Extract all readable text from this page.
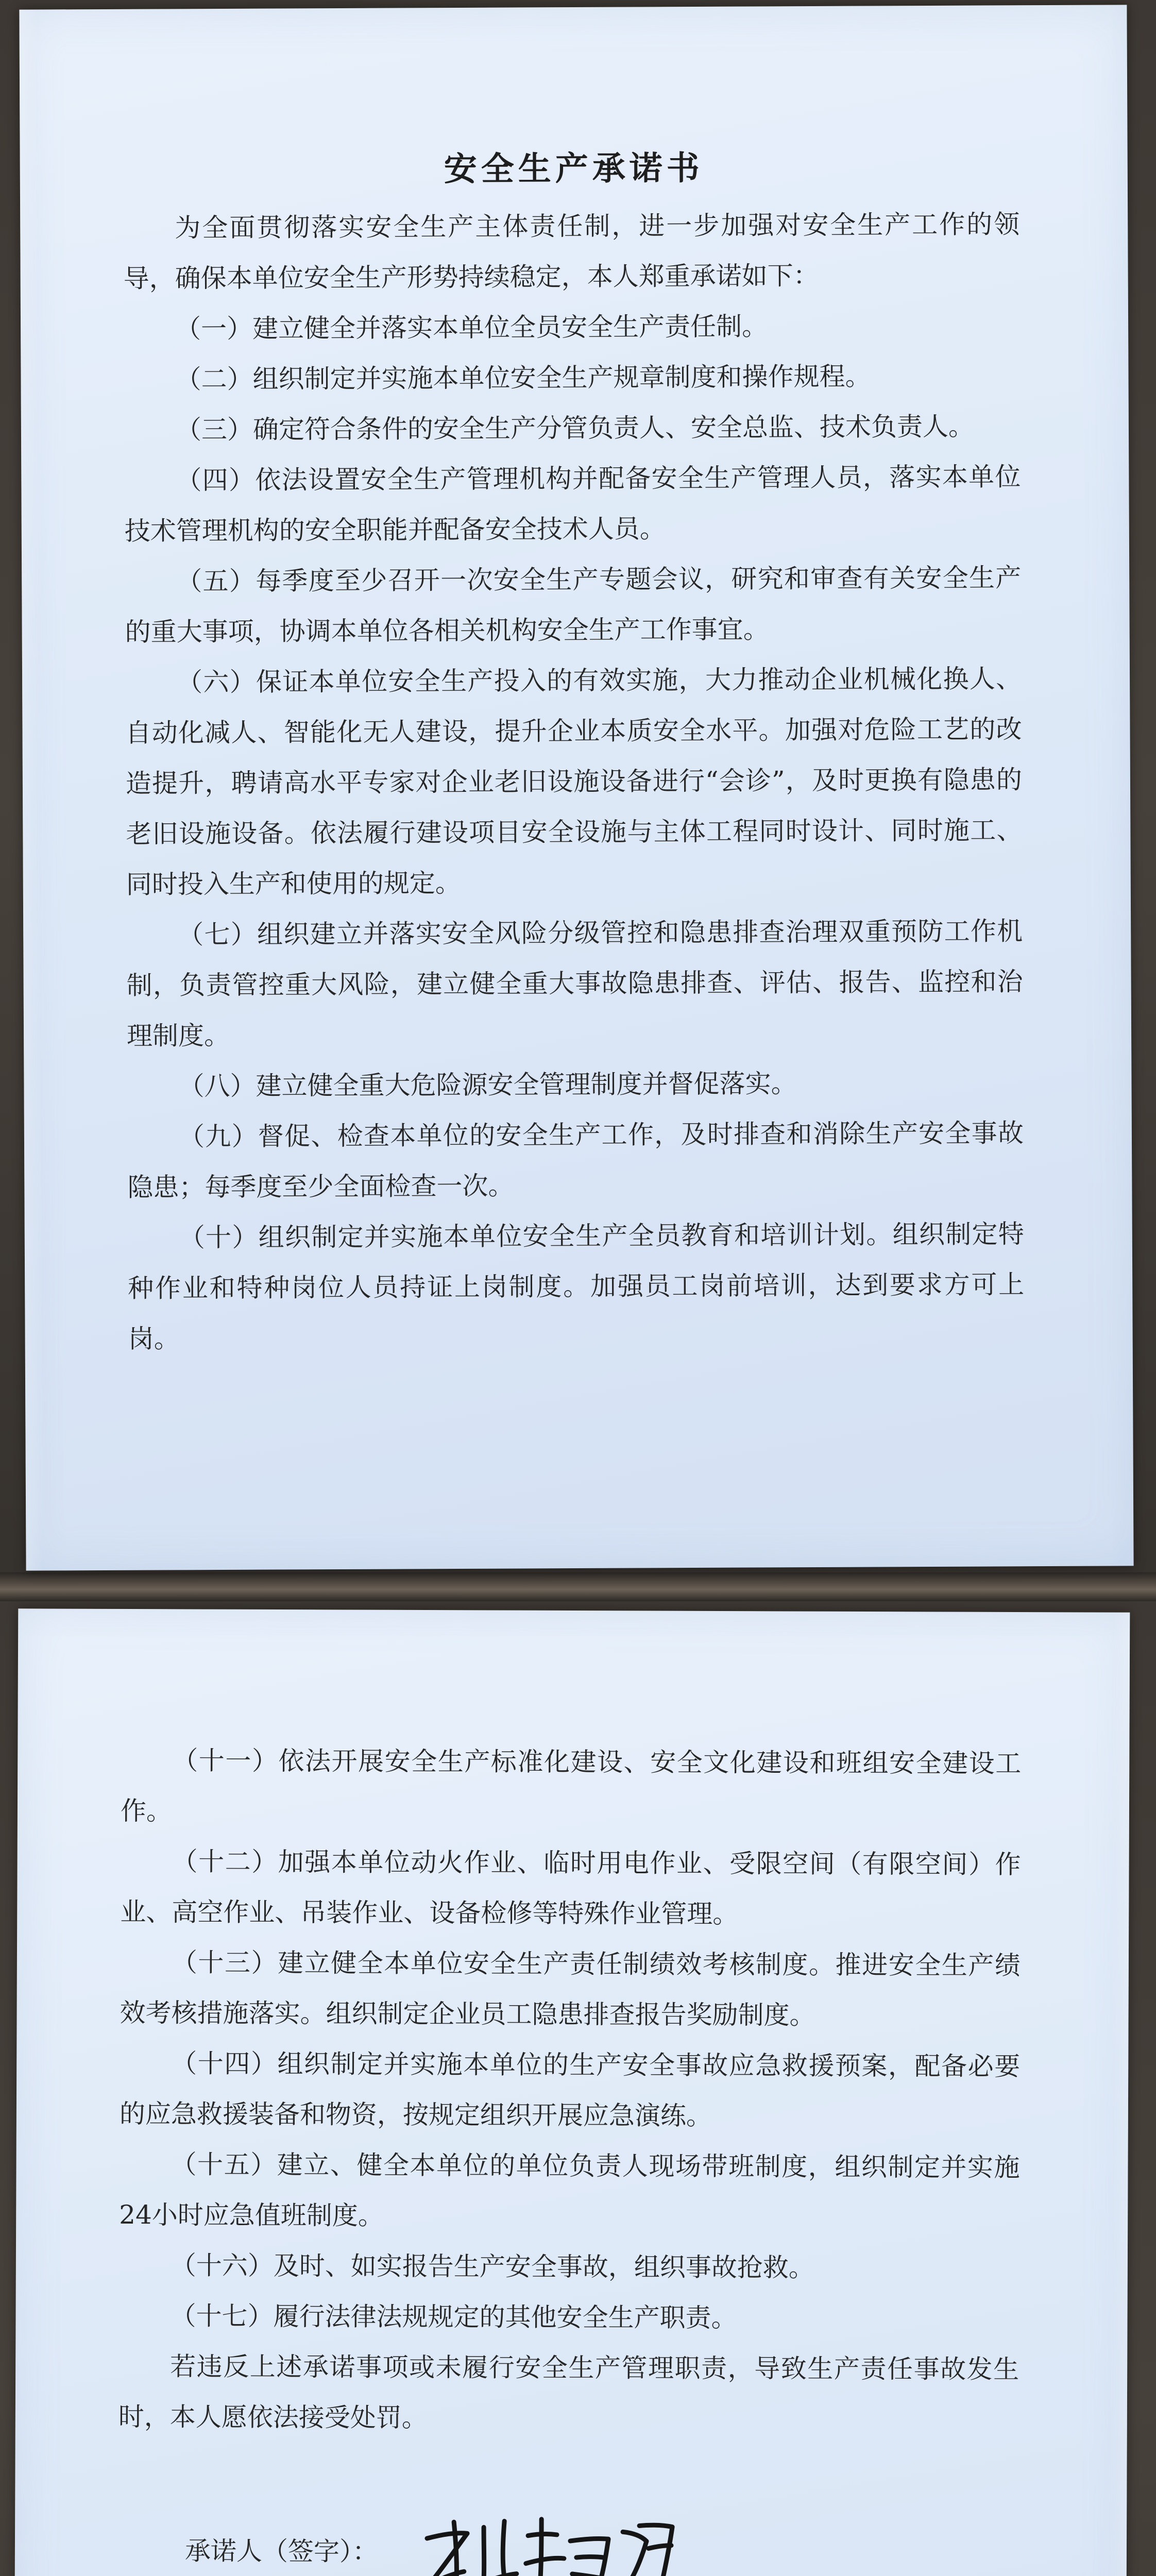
安全生产承诺书

为全面贯彻落实安全生产主体责任制，进一步加强对安全生产工作的领导，确保本单位安全生产形势持续稳定，本人郑重承诺如下：

（一）建立健全并落实本单位全员安全生产责任制。

（二）组织制定并实施本单位安全生产规章制度和操作规程。

（三）确定符合条件的安全生产分管负责人、安全总监、技术负责人。

（四）依法设置安全生产管理机构并配备安全生产管理人员，落实本单位技术管理机构的安全职能并配备安全技术人员。

（五）每季度至少召开一次安全生产专题会议，研究和审查有关安全生产的重大事项，协调本单位各相关机构安全生产工作事宜。

（六）保证本单位安全生产投入的有效实施，大力推动企业机械化换人、自动化减人、智能化无人建设，提升企业本质安全水平。加强对危险工艺的改造提升，聘请高水平专家对企业老旧设施设备进行“会诊”，及时更换有隐患的老旧设施设备。依法履行建设项目安全设施与主体工程同时设计、同时施工、同时投入生产和使用的规定。

（七）组织建立并落实安全风险分级管控和隐患排查治理双重预防工作机制，负责管控重大风险，建立健全重大事故隐患排查、评估、报告、监控和治理制度。

（八）建立健全重大危险源安全管理制度并督促落实。

（九）督促、检查本单位的安全生产工作，及时排查和消除生产安全事故隐患；每季度至少全面检查一次。

（十）组织制定并实施本单位安全生产全员教育和培训计划。组织制定特种作业和特种岗位人员持证上岗制度。加强员工岗前培训，达到要求方可上岗。

（十一）依法开展安全生产标准化建设、安全文化建设和班组安全建设工作。

（十二）加强本单位动火作业、临时用电作业、受限空间（有限空间）作业、高空作业、吊装作业、设备检修等特殊作业管理。

（十三）建立健全本单位安全生产责任制绩效考核制度。推进安全生产绩效考核措施落实。组织制定企业员工隐患排查报告奖励制度。

（十四）组织制定并实施本单位的生产安全事故应急救援预案，配备必要的应急救援装备和物资，按规定组织开展应急演练。

（十五）建立、健全本单位的单位负责人现场带班制度，组织制定并实施24小时应急值班制度。

（十六）及时、如实报告生产安全事故，组织事故抢救。

（十七）履行法律法规规定的其他安全生产职责。

若违反上述承诺事项或未履行安全生产管理职责，导致生产责任事故发生时，本人愿依法接受处罚。

承诺人（签字）：
